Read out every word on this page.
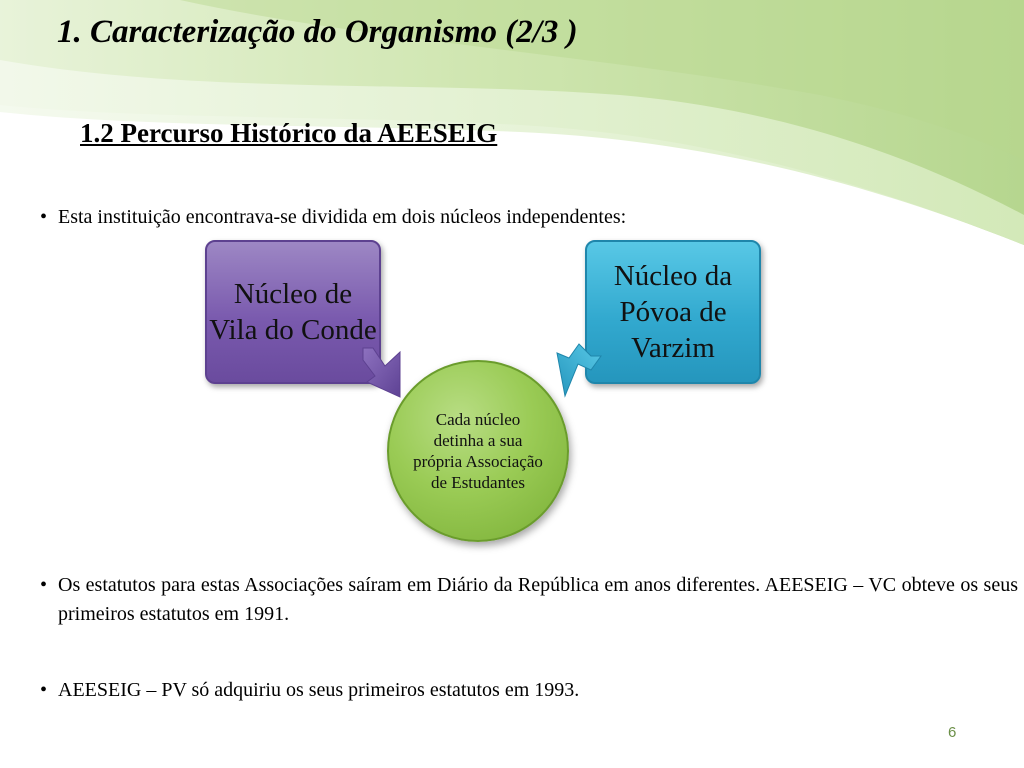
1. Caracterização do Organismo (2/3 )
1.2 Percurso Histórico da AEESEIG
• Esta instituição encontrava-se dividida em dois núcleos independentes:
Núcleo de Vila do Conde
Núcleo da Póvoa de Varzim
Cada núcleo detinha a sua própria Associação de Estudantes
• Os estatutos para estas Associações saíram em Diário da República em anos diferentes. AEESEIG – VC obteve os seus primeiros estatutos em 1991.
• AEESEIG – PV só adquiriu os seus primeiros estatutos em 1993.
6
